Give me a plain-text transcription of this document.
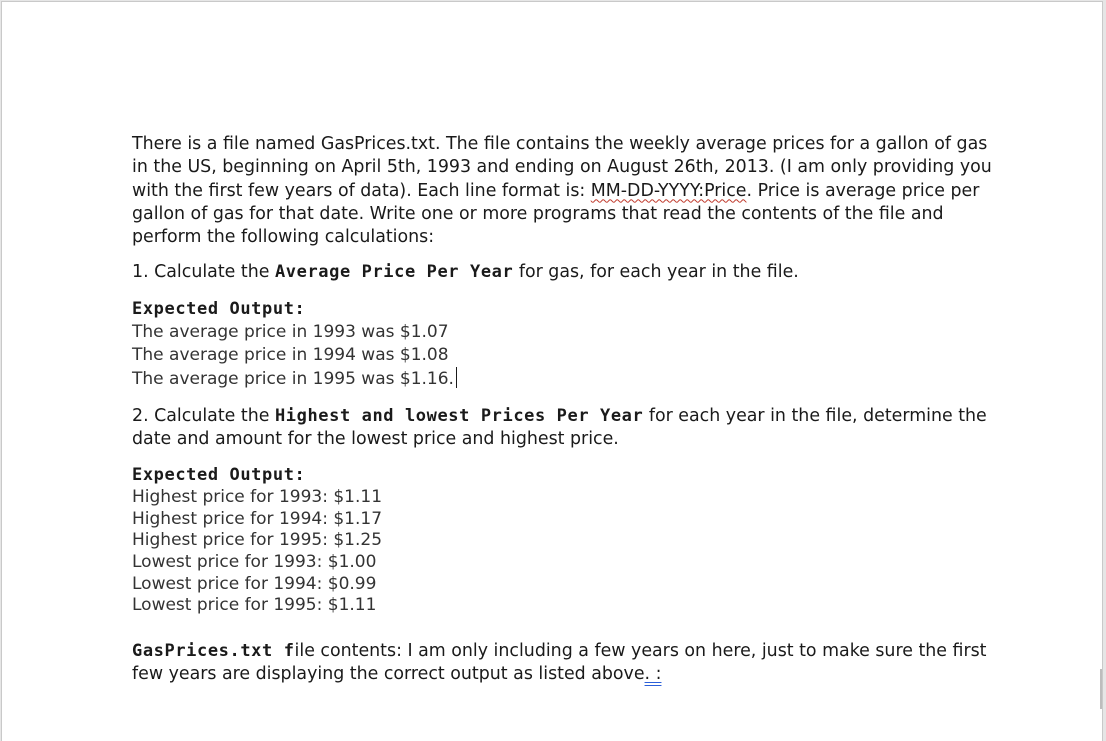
There is a file named GasPrices.txt. The file contains the weekly average prices for a gallon of gas in the US, beginning on April 5th, 1993 and ending on August 26th, 2013. (I am only providing you with the first few years of data). Each line format is: MM-DD-YYYY:Price. Price is average price per gallon of gas for that date. Write one or more programs that read the contents of the file and perform the following calculations:

1. Calculate the Average Price Per Year for gas, for each year in the file.

Expected Output:
The average price in 1993 was $1.07
The average price in 1994 was $1.08
The average price in 1995 was $1.16.

2. Calculate the Highest and lowest Prices Per Year for each year in the file, determine the date and amount for the lowest price and highest price.

Expected Output:
Highest price for 1993: $1.11
Highest price for 1994: $1.17
Highest price for 1995: $1.25
Lowest price for 1993: $1.00
Lowest price for 1994: $0.99
Lowest price for 1995: $1.11

GasPrices.txt file contents: I am only including a few years on here, just to make sure the first few years are displaying the correct output as listed above. :
